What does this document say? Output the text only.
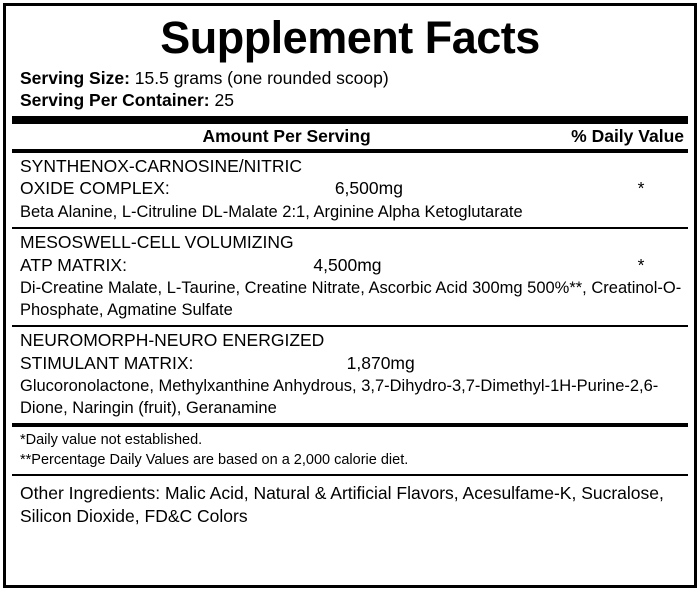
Supplement Facts
Serving Size: 15.5 grams (one rounded scoop)
Serving Per Container: 25
Amount Per Serving	% Daily Value
SYNTHENOX-CARNOSINE/NITRIC
OXIDE COMPLEX:	6,500mg	*
Beta Alanine, L-Citruline DL-Malate 2:1, Arginine Alpha Ketoglutarate
MESOSWELL-CELL VOLUMIZING
ATP MATRIX:	4,500mg	*
Di-Creatine Malate, L-Taurine, Creatine Nitrate, Ascorbic Acid 300mg 500%**, Creatinol-O-Phosphate, Agmatine Sulfate
NEUROMORPH-NEURO ENERGIZED
STIMULANT MATRIX:	1,870mg
Glucoronolactone, Methylxanthine Anhydrous, 3,7-Dihydro-3,7-Dimethyl-1H-Purine-2,6-Dione, Naringin (fruit), Geranamine
*Daily value not established.
**Percentage Daily Values are based on a 2,000 calorie diet.
Other Ingredients: Malic Acid, Natural & Artificial Flavors, Acesulfame-K, Sucralose, Silicon Dioxide, FD&C Colors
